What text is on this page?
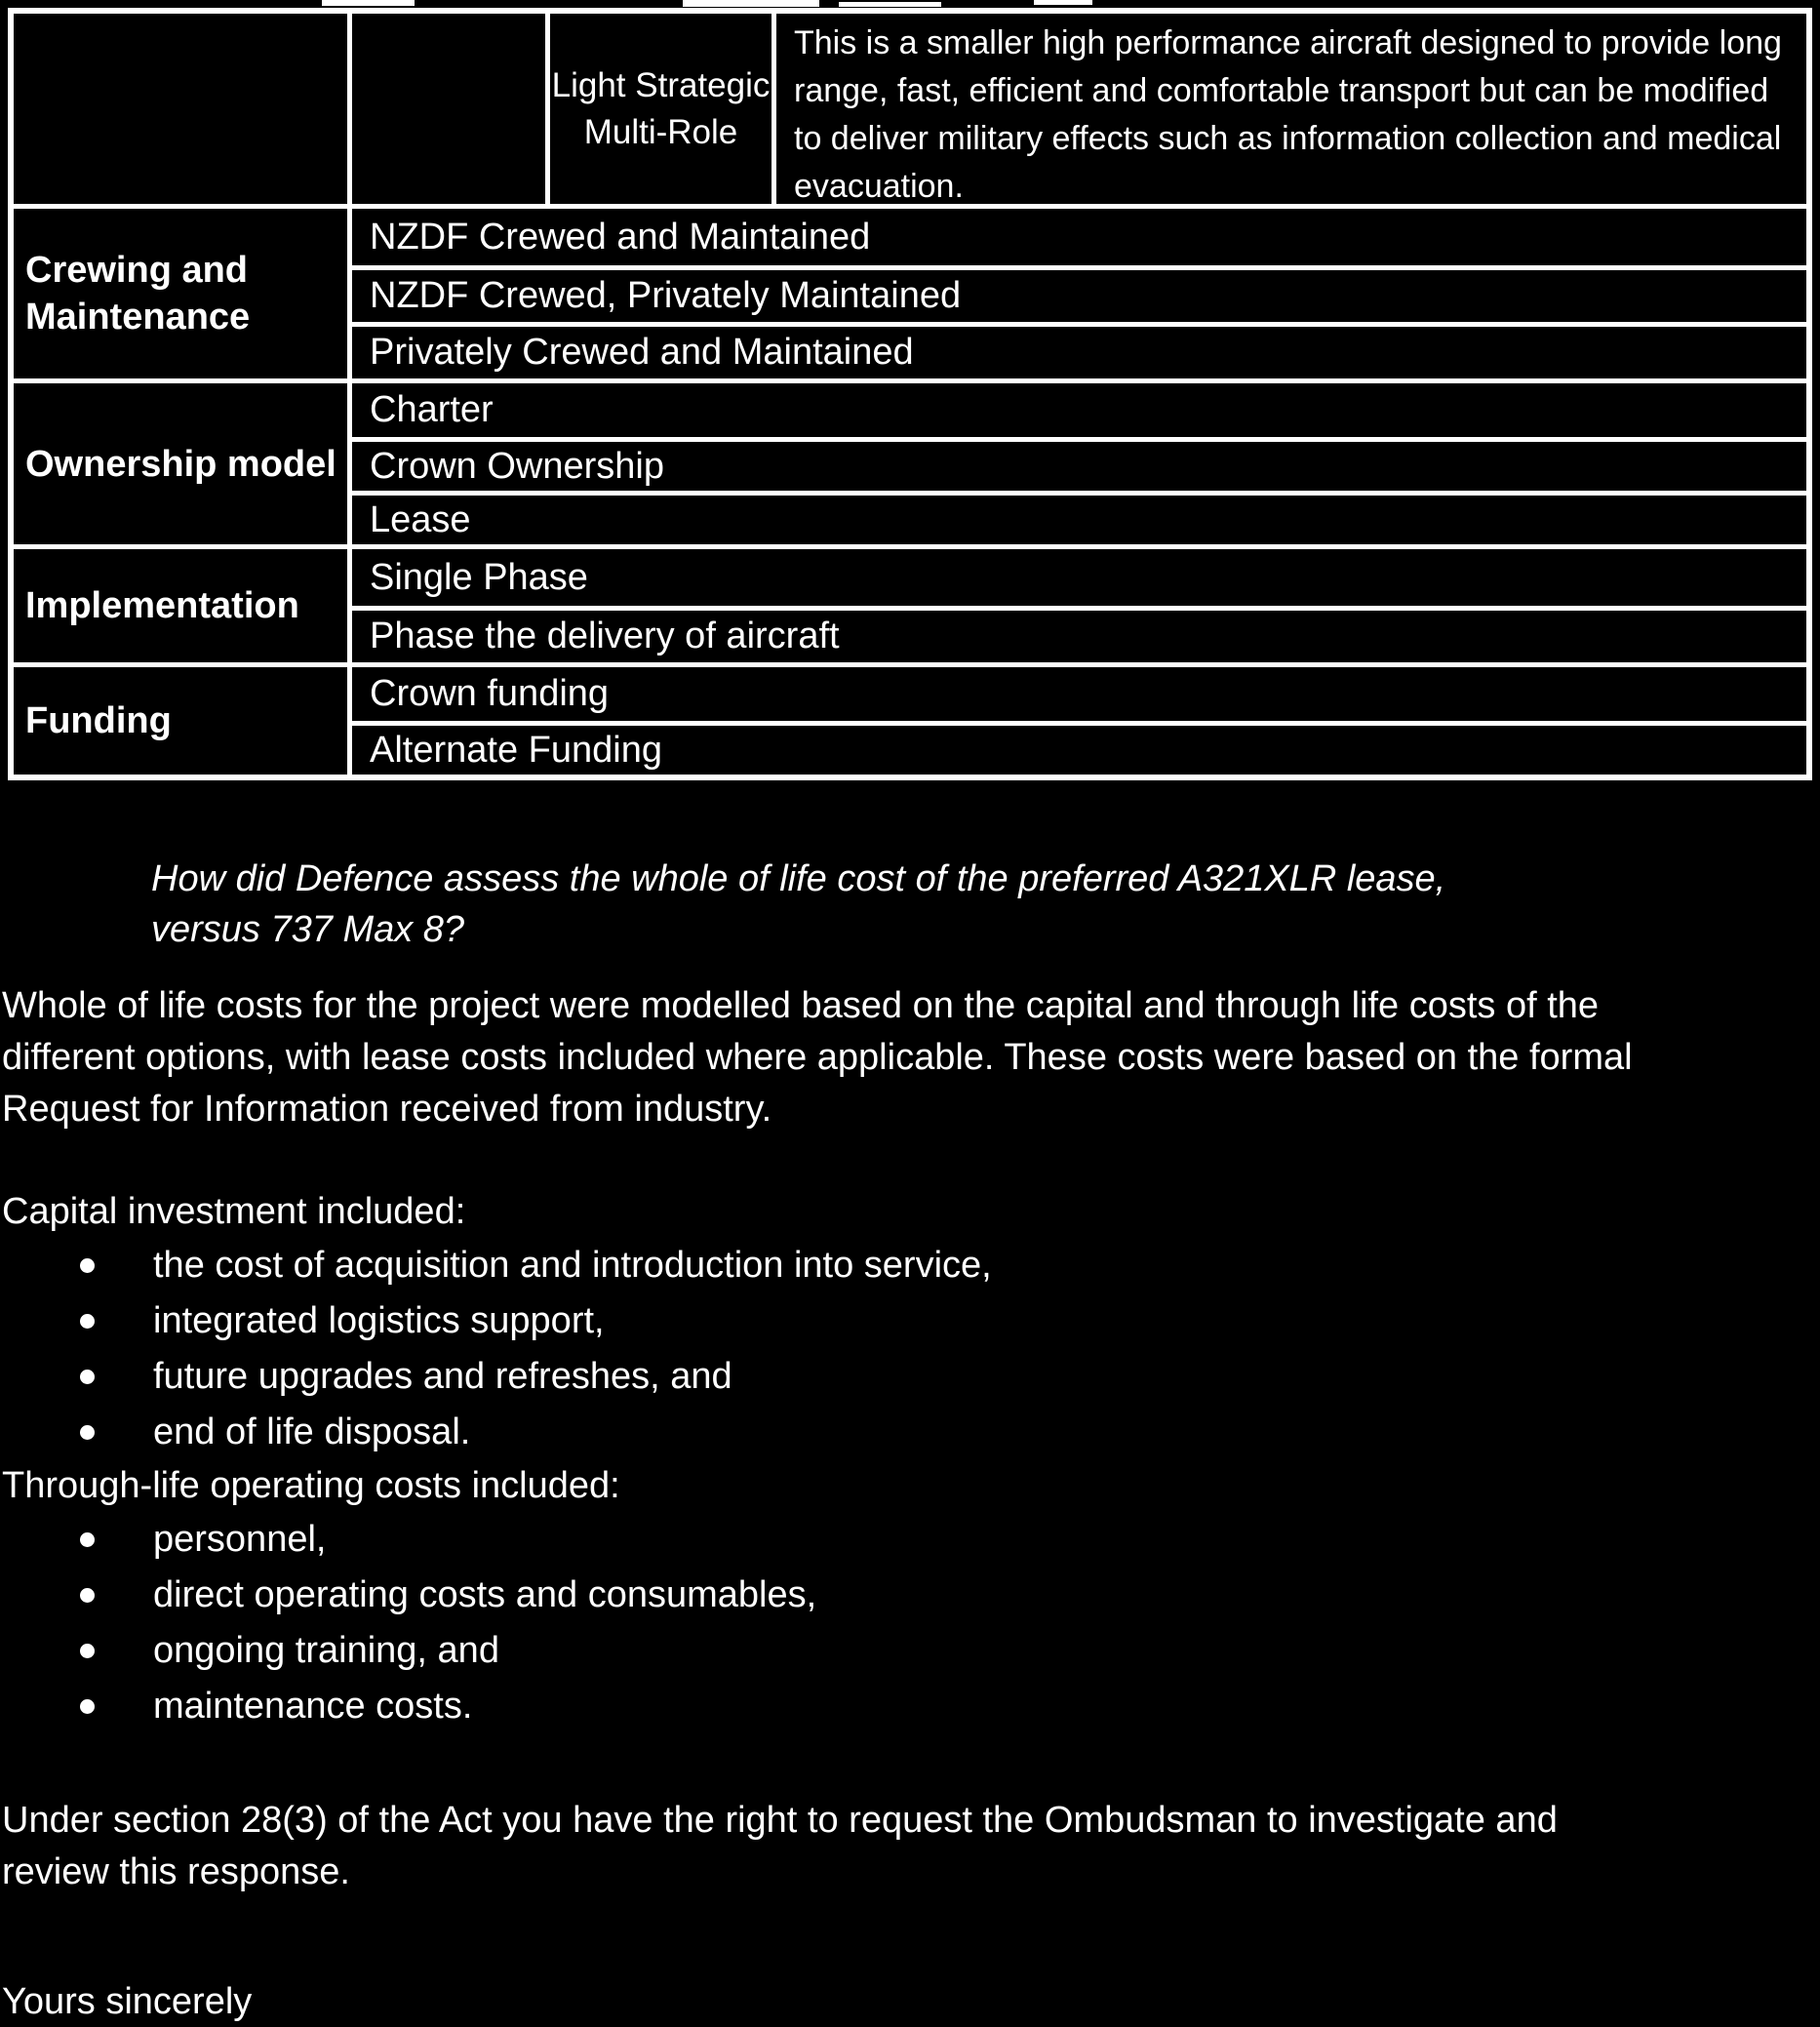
Light Strategic Multi-Role
This is a smaller high performance aircraft designed to provide long range, fast, efficient and comfortable transport but can be modified to deliver military effects such as information collection and medical evacuation.
Crewing and Maintenance
NZDF Crewed and Maintained
NZDF Crewed, Privately Maintained
Privately Crewed and Maintained
Ownership model
Charter
Crown Ownership
Lease
Implementation
Single Phase
Phase the delivery of aircraft
Funding
Crown funding
Alternate Funding
How did Defence assess the whole of life cost of the preferred A321XLR lease,
versus 737 Max 8?

Whole of life costs for the project were modelled based on the capital and through life costs of the different options, with lease costs included where applicable. These costs were based on the formal Request for Information received from industry.

Capital investment included:

the cost of acquisition and introduction into service,
integrated logistics support,
future upgrades and refreshes, and
end of life disposal.

Through-life operating costs included:

personnel,
direct operating costs and consumables,
ongoing training, and
maintenance costs.

Under section 28(3) of the Act you have the right to request the Ombudsman to investigate and review this response.

Yours sincerely
